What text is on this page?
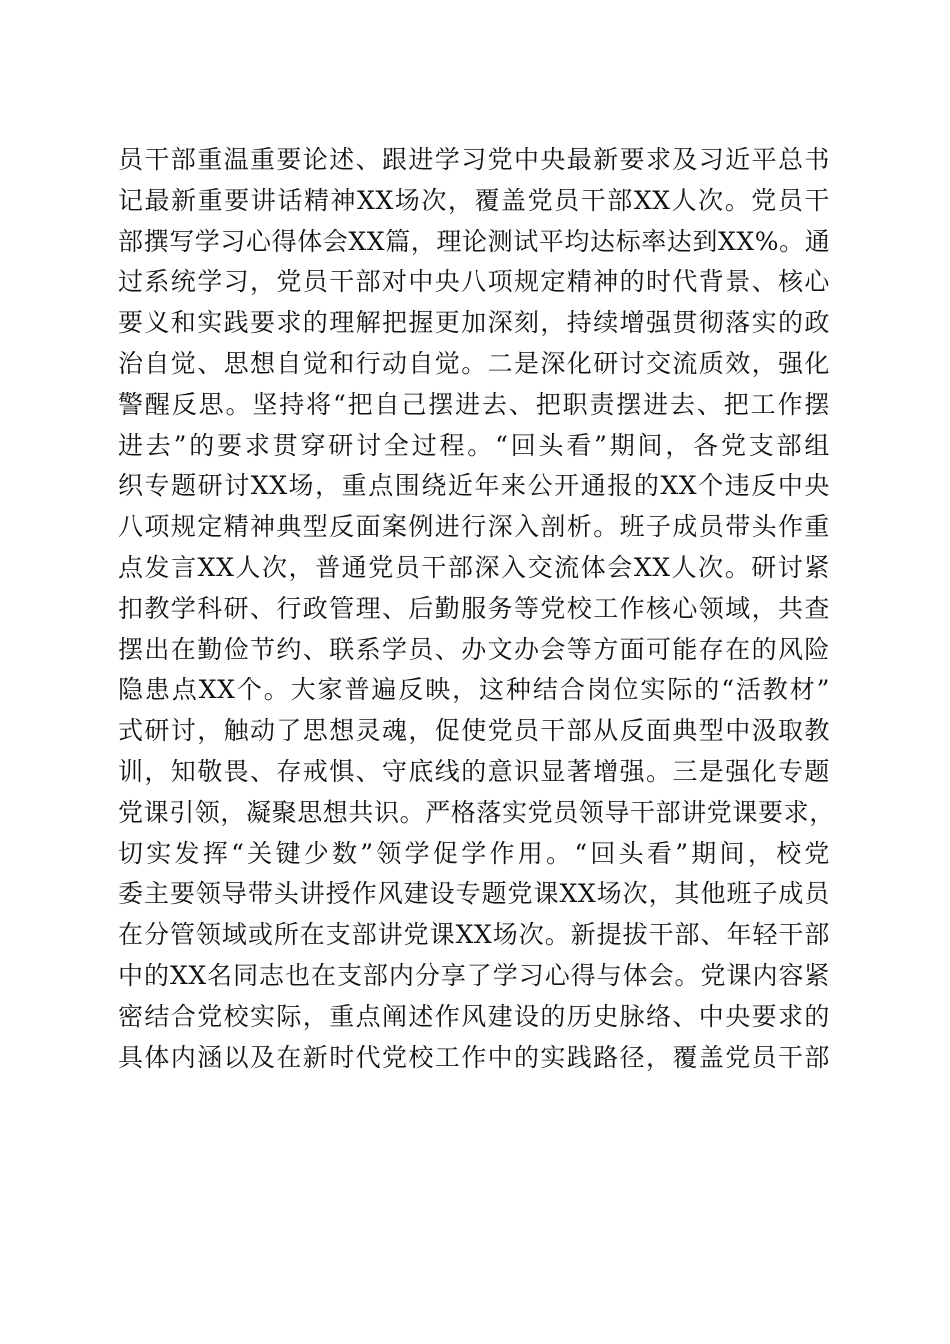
员干部重温重要论述、跟进学习党中央最新要求及习近平总书
记最新重要讲话精神XX场次，覆盖党员干部XX人次。党员干
部撰写学习心得体会XX篇，理论测试平均达标率达到XX%。通
过系统学习，党员干部对中央八项规定精神的时代背景、核心
要义和实践要求的理解把握更加深刻，持续增强贯彻落实的政
治自觉、思想自觉和行动自觉。二是深化研讨交流质效，强化
警醒反思。坚持将“把自己摆进去、把职责摆进去、把工作摆
进去”的要求贯穿研讨全过程。“回头看”期间，各党支部组
织专题研讨XX场，重点围绕近年来公开通报的XX个违反中央
八项规定精神典型反面案例进行深入剖析。班子成员带头作重
点发言XX人次，普通党员干部深入交流体会XX人次。研讨紧
扣教学科研、行政管理、后勤服务等党校工作核心领域，共查
摆出在勤俭节约、联系学员、办文办会等方面可能存在的风险
隐患点XX个。大家普遍反映，这种结合岗位实际的“活教材”
式研讨，触动了思想灵魂，促使党员干部从反面典型中汲取教
训，知敬畏、存戒惧、守底线的意识显著增强。三是强化专题
党课引领，凝聚思想共识。严格落实党员领导干部讲党课要求，
切实发挥“关键少数”领学促学作用。“回头看”期间，校党
委主要领导带头讲授作风建设专题党课XX场次，其他班子成员
在分管领域或所在支部讲党课XX场次。新提拔干部、年轻干部
中的XX名同志也在支部内分享了学习心得与体会。党课内容紧
密结合党校实际，重点阐述作风建设的历史脉络、中央要求的
具体内涵以及在新时代党校工作中的实践路径，覆盖党员干部
